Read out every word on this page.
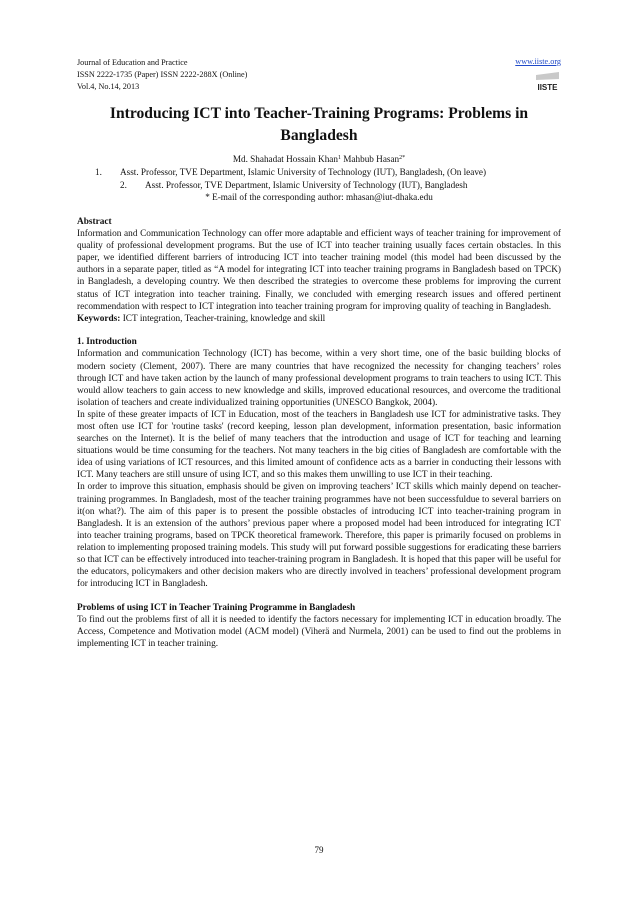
Journal of Education and Practice
ISSN 2222-1735 (Paper) ISSN 2222-288X (Online)
Vol.4, No.14, 2013
www.iiste.org
IISTE
Introducing ICT into Teacher-Training Programs: Problems in
Bangladesh
Md. Shahadat Hossain Khan$^1$ Mahbub Hasan$^{2*}$
1. Asst. Professor, TVE Department, Islamic University of Technology (IUT), Bangladesh, (On leave)
2. Asst. Professor, TVE Department, Islamic University of Technology (IUT), Bangladesh
* E-mail of the corresponding author: mhasan@iut-dhaka.edu
Abstract

Information and Communication Technology can offer more adaptable and efficient ways of teacher training for improvement of quality of professional development programs. But the use of ICT into teacher training usually faces certain obstacles. In this paper, we identified different barriers of introducing ICT into teacher training model (this model had been discussed by the authors in a separate paper, titled as “A model for integrating ICT into teacher training programs in Bangladesh based on TPCK) in Bangladesh, a developing country. We then described the strategies to overcome these problems for improving the current status of ICT integration into teacher training. Finally, we concluded with emerging research issues and offered pertinent recommendation with respect to ICT integration into teacher training program for improving quality of teaching in Bangladesh.

Keywords: ICT integration, Teacher-training, knowledge and skill

1. Introduction

Information and communication Technology (ICT) has become, within a very short time, one of the basic building blocks of modern society (Clement, 2007). There are many countries that have recognized the necessity for changing teachers’ roles through ICT and have taken action by the launch of many professional development programs to train teachers to using ICT. This would allow teachers to gain access to new knowledge and skills, improved educational resources, and overcome the traditional isolation of teachers and create individualized training opportunities (UNESCO Bangkok, 2004).

In spite of these greater impacts of ICT in Education, most of the teachers in Bangladesh use ICT for administrative tasks. They most often use ICT for 'routine tasks' (record keeping, lesson plan development, information presentation, basic information searches on the Internet). It is the belief of many teachers that the introduction and usage of ICT for teaching and learning situations would be time consuming for the teachers. Not many teachers in the big cities of Bangladesh are comfortable with the idea of using variations of ICT resources, and this limited amount of confidence acts as a barrier in conducting their lessons with ICT. Many teachers are still unsure of using ICT, and so this makes them unwilling to use ICT in their teaching.

In order to improve this situation, emphasis should be given on improving teachers’ ICT skills which mainly depend on teacher-training programmes. In Bangladesh, most of the teacher training programmes have not been successfuldue to several barriers on it(on what?). The aim of this paper is to present the possible obstacles of introducing ICT into teacher-training program in Bangladesh. It is an extension of the authors’ previous paper where a proposed model had been introduced for integrating ICT into teacher training programs, based on TPCK theoretical framework. Therefore, this paper is primarily focused on problems in relation to implementing proposed training models. This study will put forward possible suggestions for eradicating these barriers so that ICT can be effectively introduced into teacher-training program in Bangladesh. It is hoped that this paper will be useful for the educators, policymakers and other decision makers who are directly involved in teachers’ professional development program for introducing ICT in Bangladesh.

Problems of using ICT in Teacher Training Programme in Bangladesh

To find out the problems first of all it is needed to identify the factors necessary for implementing ICT in education broadly. The Access, Competence and Motivation model (ACM model) (Viherä and Nurmela, 2001) can be used to find out the problems in implementing ICT in teacher training.

79
